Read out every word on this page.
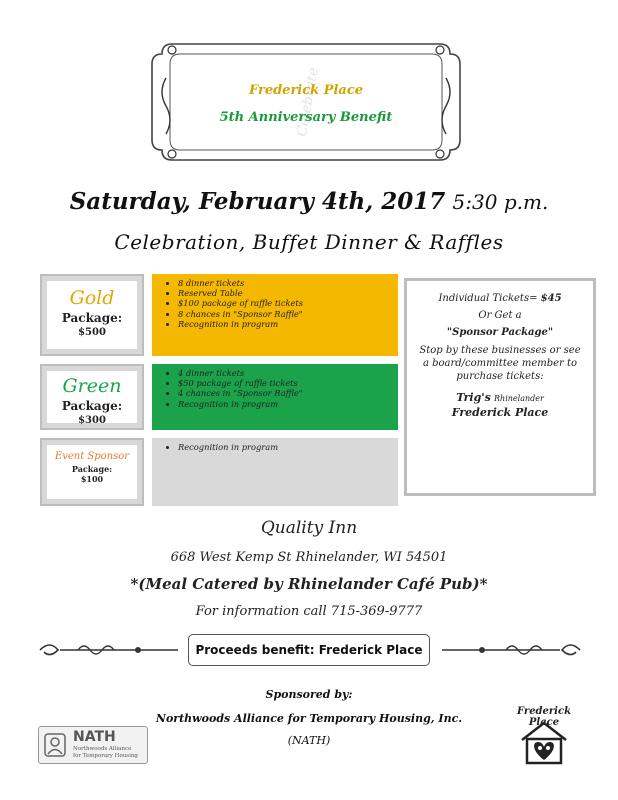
Celebrate
Frederick Place
5th Anniversary Benefit
Saturday, February 4th, 2017 5:30 p.m.
Celebration, Buffet Dinner & Raffles
Gold
Package:
$500
• 8 dinner tickets
• Reserved Table
• $100 package of raffle tickets
• 8 chances in "Sponsor Raffle"
• Recognition in program
Green
Package:
$300
• 4 dinner tickets
• $50 package of raffle tickets
• 4 chances in "Sponsor Raffle"
• Recognition in program
Event Sponsor
Package:
$100
• Recognition in program
Individual Tickets= $45
Or Get a
"Sponsor Package"
Stop by these businesses or see a board/committee member to purchase tickets:
Trig's Rhinelander
Frederick Place
Quality Inn
668 West Kemp St Rhinelander, WI 54501
*(Meal Catered by Rhinelander Café Pub)*
For information call 715-369-9777
Proceeds benefit: Frederick Place
Sponsored by:
Northwoods Alliance for Temporary Housing, Inc.
(NATH)
NATH
Northwoods Alliance
for Temporary Housing
Frederick Place
